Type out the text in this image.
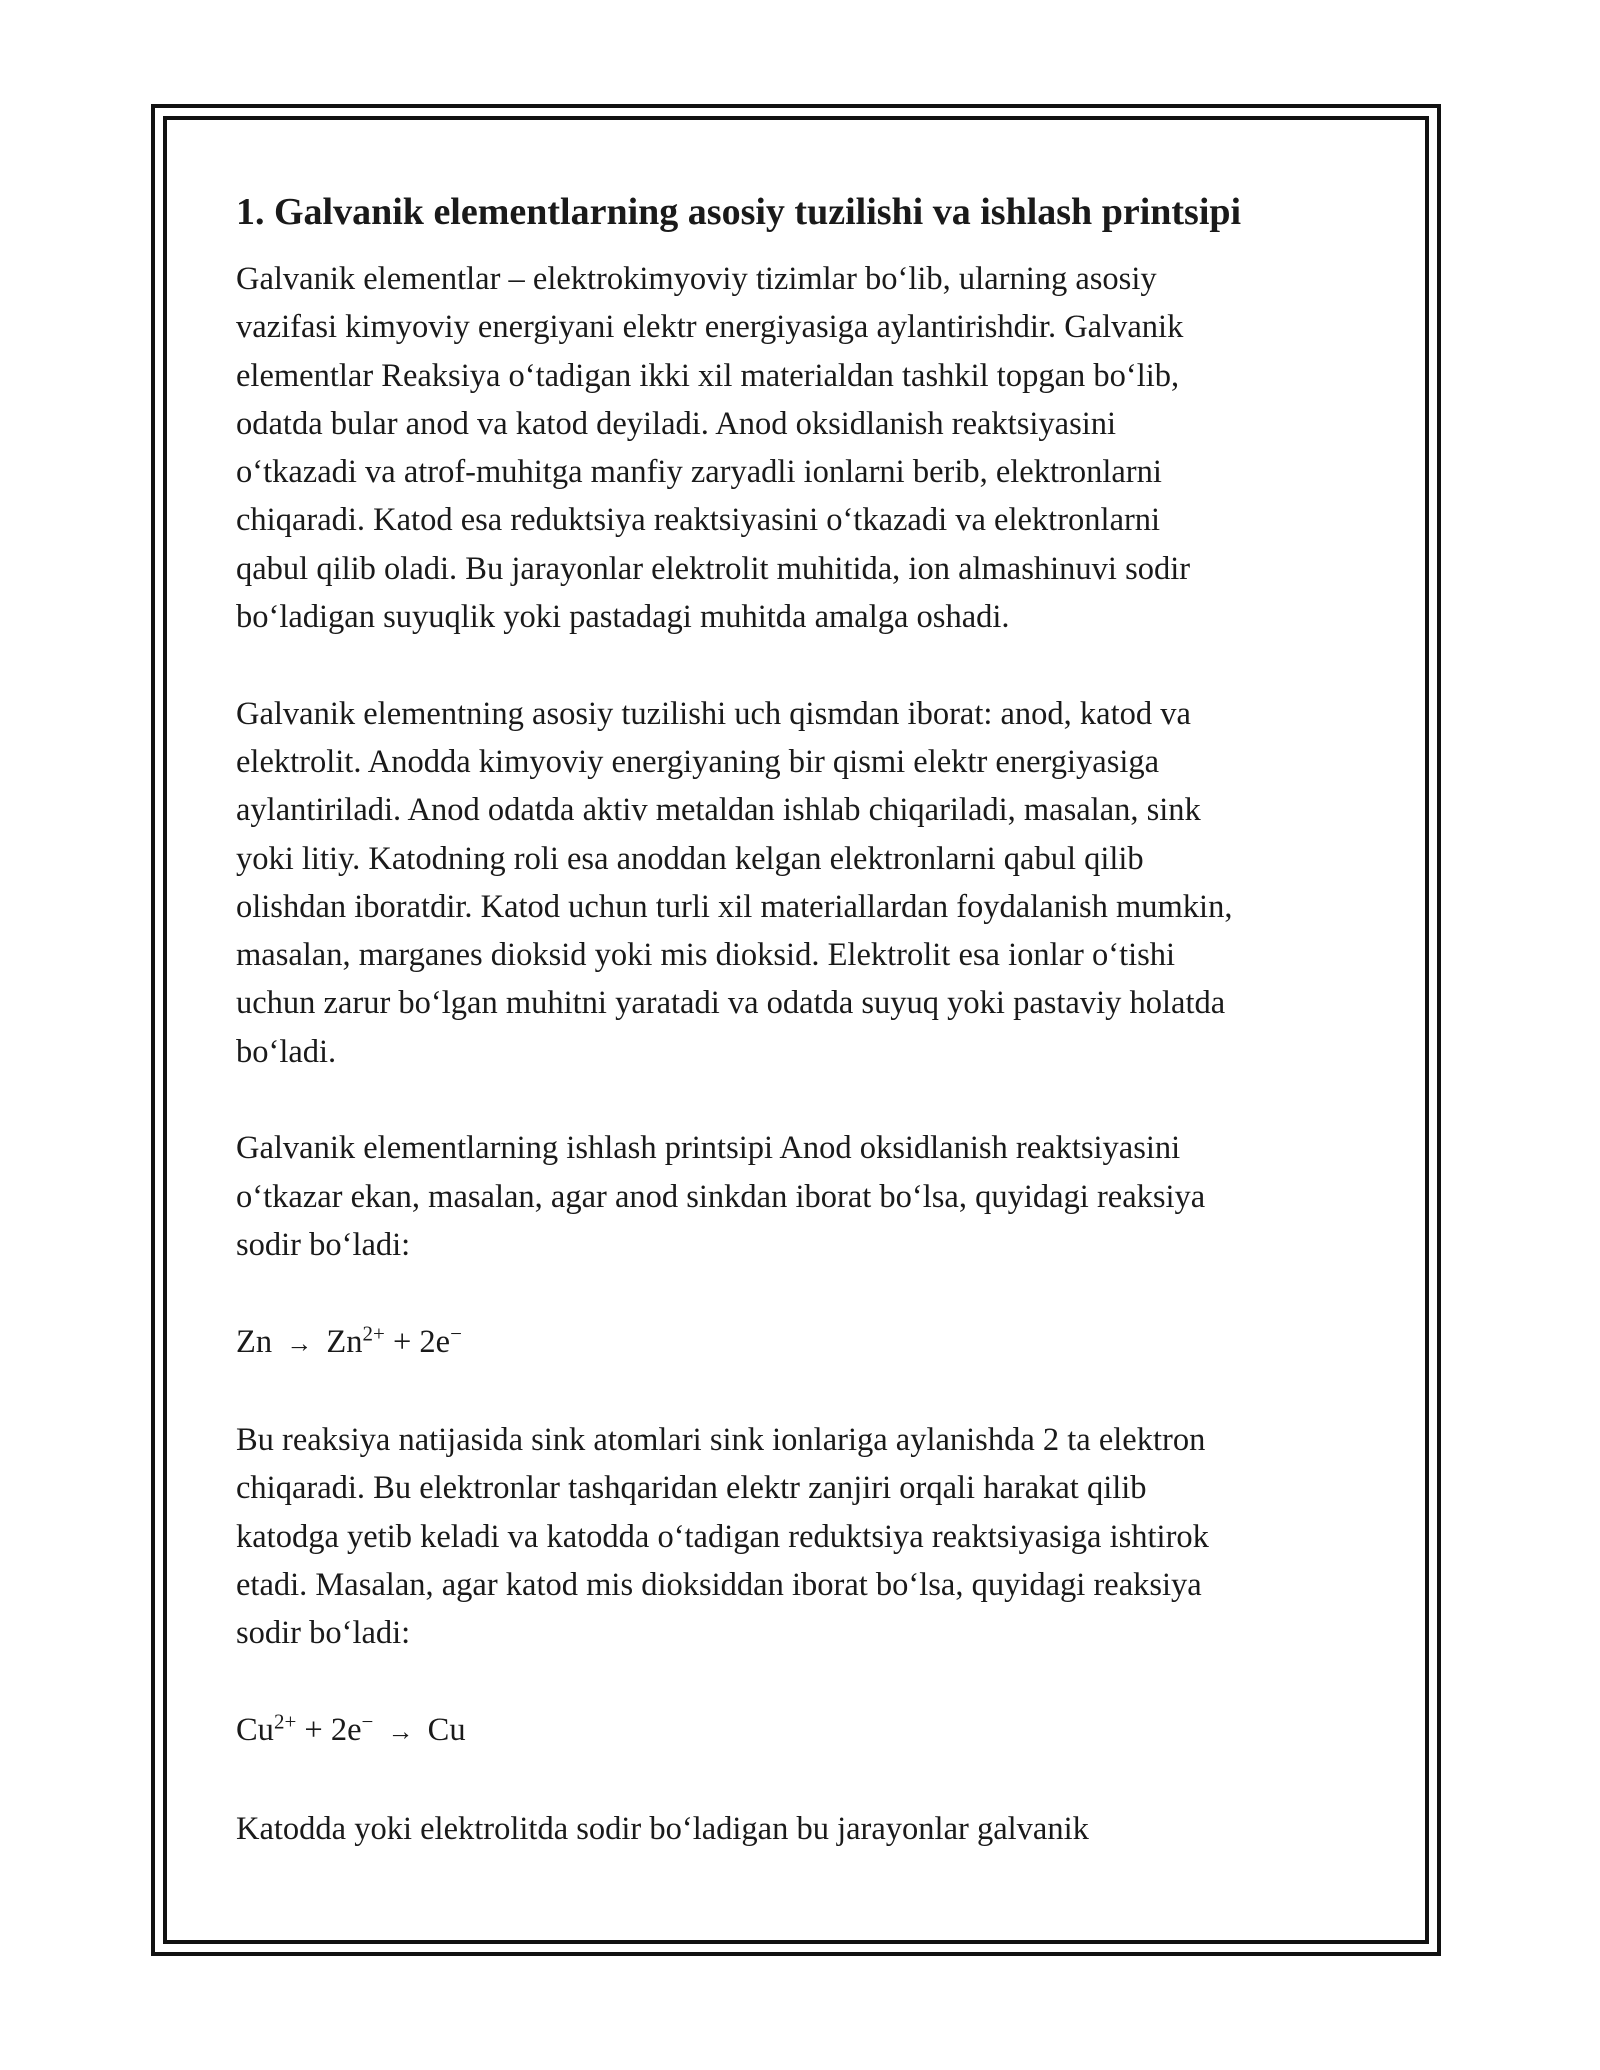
1. Galvanik elementlarning asosiy tuzilishi va ishlash printsipi

Galvanik elementlar – elektrokimyoviy tizimlar boʻlib, ularning asosiy
vazifasi kimyoviy energiyani elektr energiyasiga aylantirishdir. Galvanik
elementlar Reaksiya oʻtadigan ikki xil materialdan tashkil topgan boʻlib,
odatda bular anod va katod deyiladi. Anod oksidlanish reaktsiyasini
oʻtkazadi va atrof-muhitga manfiy zaryadli ionlarni berib, elektronlarni
chiqaradi. Katod esa reduktsiya reaktsiyasini oʻtkazadi va elektronlarni
qabul qilib oladi. Bu jarayonlar elektrolit muhitida, ion almashinuvi sodir
boʻladigan suyuqlik yoki pastadagi muhitda amalga oshadi.

Galvanik elementning asosiy tuzilishi uch qismdan iborat: anod, katod va
elektrolit. Anodda kimyoviy energiyaning bir qismi elektr energiyasiga
aylantiriladi. Anod odatda aktiv metaldan ishlab chiqariladi, masalan, sink
yoki litiy. Katodning roli esa anoddan kelgan elektronlarni qabul qilib
olishdan iboratdir. Katod uchun turli xil materiallardan foydalanish mumkin,
masalan, marganes dioksid yoki mis dioksid. Elektrolit esa ionlar oʻtishi
uchun zarur boʻlgan muhitni yaratadi va odatda suyuq yoki pastaviy holatda
boʻladi.

Galvanik elementlarning ishlash printsipi Anod oksidlanish reaktsiyasini
oʻtkazar ekan, masalan, agar anod sinkdan iborat boʻlsa, quyidagi reaksiya
sodir boʻladi:

$Zn \to Zn^{2+} + 2e^-$

Bu reaksiya natijasida sink atomlari sink ionlariga aylanishda 2 ta elektron
chiqaradi. Bu elektronlar tashqaridan elektr zanjiri orqali harakat qilib
katodga yetib keladi va katodda oʻtadigan reduktsiya reaktsiyasiga ishtirok
etadi. Masalan, agar katod mis dioksiddan iborat boʻlsa, quyidagi reaksiya
sodir boʻladi:

$Cu^{2+} + 2e^- \to Cu$

Katodda yoki elektrolitda sodir boʻladigan bu jarayonlar galvanik
